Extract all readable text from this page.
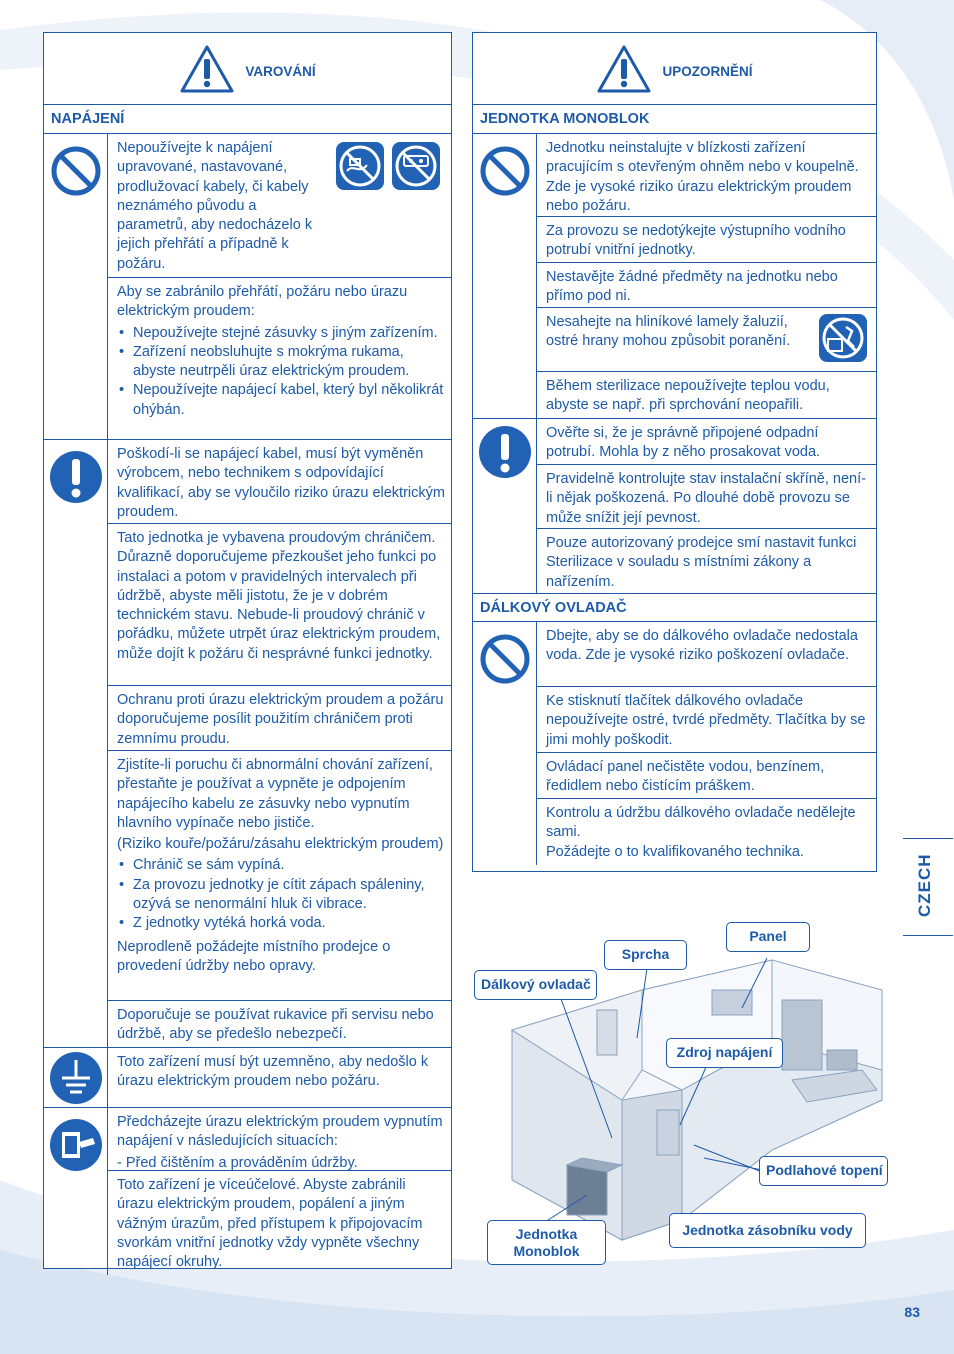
VAROVÁNÍ
NAPÁJENÍ
Nepoužívejte k napájení upravované, nastavované, prodlužovací kabely, či kabely neznámého původu a parametrů, aby nedocházelo k jejich přehřátí a případně k požáru.

Aby se zabránilo přehřátí, požáru nebo úrazu elektrickým proudem:

• Nepoužívejte stejné zásuvky s jiným zařízením.
• Zařízení neobsluhujte s mokrýma rukama, abyste neutrpěli úraz elektrickým proudem.
• Nepoužívejte napájecí kabel, který byl několikrát ohýbán.
Poškodí-li se napájecí kabel, musí být vyměněn výrobcem, nebo technikem s odpovídající kvalifikací, aby se vyloučilo riziko úrazu elektrickým proudem.
Tato jednotka je vybavena proudovým chráničem. Důrazně doporučujeme přezkoušet jeho funkci po instalaci a potom v pravidelných intervalech při údržbě, abyste měli jistotu, že je v dobrém technickém stavu. Nebude-li proudový chránič v pořádku, můžete utrpět úraz elektrickým proudem, může dojít k požáru či nesprávné funkci jednotky.
Ochranu proti úrazu elektrickým proudem a požáru doporučujeme posílit použitím chráničem proti zemnímu proudu.

Zjistíte-li poruchu či abnormální chování zařízení, přestaňte je používat a vypněte je odpojením napájecího kabelu ze zásuvky nebo vypnutím hlavního vypínače nebo jističe.

(Riziko kouře/požáru/zásahu elektrickým proudem)

• Chránič se sám vypíná.
• Za provozu jednotky je cítit zápach spáleniny, ozývá se nenormální hluk či vibrace.
• Z jednotky vytéká horká voda.

Neprodleně požádejte místního prodejce o provedení údržby nebo opravy.

Doporučuje se používat rukavice při servisu nebo údržbě, aby se předešlo nebezpečí.
Toto zařízení musí být uzemněno, aby nedošlo k úrazu elektrickým proudem nebo požáru.

Předcházejte úrazu elektrickým proudem vypnutím napájení v následujících situacích:

- Před čištěním a prováděním údržby.

Toto zařízení je víceúčelové. Abyste zabránili úrazu elektrickým proudem, popálení a jiným vážným úrazům, před přístupem k připojovacím svorkám vnitřní jednotky vždy vypněte všechny napájecí okruhy.
UPOZORNĚNÍ
JEDNOTKA MONOBLOK
Jednotku neinstalujte v blízkosti zařízení pracujícím s otevřeným ohněm nebo v koupelně. Zde je vysoké riziko úrazu elektrickým proudem nebo požáru.
Za provozu se nedotýkejte výstupního vodního potrubí vnitřní jednotky.
Nestavějte žádné předměty na jednotku nebo přímo pod ni.
Nesahejte na hliníkové lamely žaluzií, ostré hrany mohou způsobit poranění.
Během sterilizace nepoužívejte teplou vodu, abyste se např. při sprchování neopařili.
Ověřte si, že je správně připojené odpadní potrubí. Mohla by z něho prosakovat voda.
Pravidelně kontrolujte stav instalační skříně, není-li nějak poškozená. Po dlouhé době provozu se může snížit její pevnost.
Pouze autorizovaný prodejce smí nastavit funkci Sterilizace v souladu s místními zákony a nařízením.
DÁLKOVÝ OVLADAČ
Dbejte, aby se do dálkového ovladače nedostala voda. Zde je vysoké riziko poškození ovladače.
Ke stisknutí tlačítek dálkového ovladače nepoužívejte ostré, tvrdé předměty. Tlačítka by se jimi mohly poškodit.
Ovládací panel nečistěte vodou, benzínem, ředidlem nebo čistícím práškem.

Kontrolu a údržbu dálkového ovladače nedělejte sami.

Požádejte o to kvalifikovaného technika.

Panel
Sprcha
Dálkový ovladač
Zdroj napájení
Podlahové topení
Jednotka Monoblok
Jednotka zásobníku vody
CZECH
83
